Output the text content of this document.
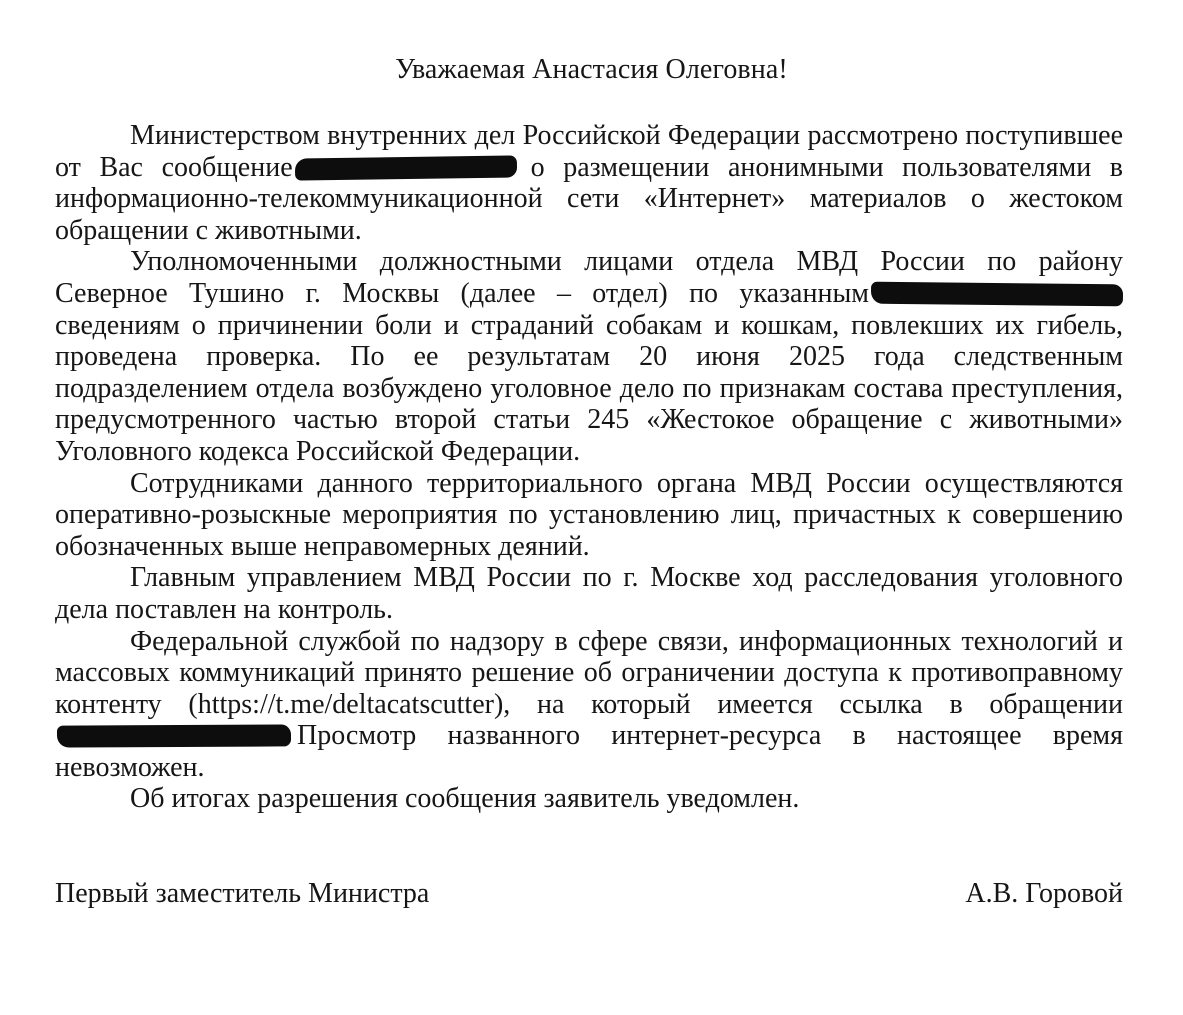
Уважаемая Анастасия Олеговна!

Министерством внутренних дел Российской Федерации рассмотрено поступившее от Вас сообщение	о размещении анонимными пользователями в информационно-телекоммуникационной сети «Интернет» материалов о жестоком обращении с животными.

Уполномоченными должностными лицами отдела МВД России по району Северное Тушино г. Москвы (далее – отдел) по указанным сведениям о причинении боли и страданий собакам и кошкам, повлекших их гибель, проведена проверка. По ее результатам 20 июня 2025 года следственным подразделением отдела возбуждено уголовное дело по признакам состава преступления, предусмотренного частью второй статьи 245 «Жестокое обращение с животными» Уголовного кодекса Российской Федерации.

Сотрудниками данного территориального органа МВД России осуществляются оперативно-розыскные мероприятия по установлению лиц, причастных к совершению обозначенных выше неправомерных деяний.

Главным управлением МВД России по г. Москве ход расследования уголовного дела поставлен на контроль.

Федеральной службой по надзору в сфере связи, информационных технологий и массовых коммуникаций принято решение об ограничении доступа к противоправному контенту (https://t.me/deltacatscutter), на который имеется ссылка в обращенииПросмотр названного интернет-ресурса в настоящее время невозможен.

Об итогах разрешения сообщения заявитель уведомлен.

Первый заместитель Министра	А.В. Горовой
